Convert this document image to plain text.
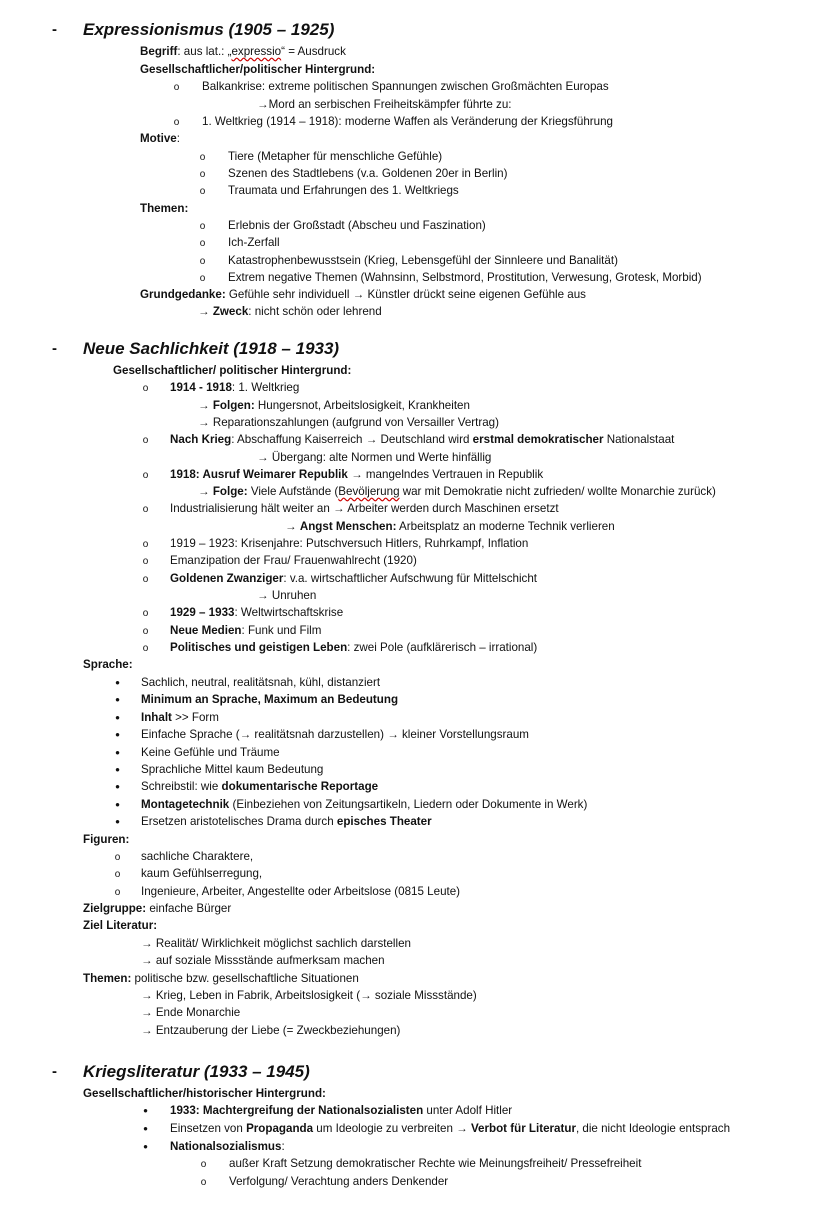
- Expressionismus (1905 – 1925)
Begriff: aus lat.: „expressio“ = Ausdruck
Gesellschaftlicher/politischer Hintergrund:
o Balkankrise: extreme politischen Spannungen zwischen Großmächten Europas
→Mord an serbischen Freiheitskämpfer führte zu:
o 1. Weltkrieg (1914 – 1918): moderne Waffen als Veränderung der Kriegsführung
Motive:
o Tiere (Metapher für menschliche Gefühle)
o Szenen des Stadtlebens (v.a. Goldenen 20er in Berlin)
o Traumata und Erfahrungen des 1. Weltkriegs
Themen:
o Erlebnis der Großstadt (Abscheu und Faszination)
o Ich-Zerfall
o Katastrophenbewusstsein (Krieg, Lebensgefühl der Sinnleere und Banalität)
o Extrem negative Themen (Wahnsinn, Selbstmord, Prostitution, Verwesung, Grotesk, Morbid)
Grundgedanke: Gefühle sehr individuell → Künstler drückt seine eigenen Gefühle aus
→ Zweck: nicht schön oder lehrend
- Neue Sachlichkeit (1918 – 1933)
Gesellschaftlicher/ politischer Hintergrund:
o 1914 - 1918: 1. Weltkrieg
→ Folgen: Hungersnot, Arbeitslosigkeit, Krankheiten
→ Reparationszahlungen (aufgrund von Versailler Vertrag)
o Nach Krieg: Abschaffung Kaiserreich → Deutschland wird erstmal demokratischer Nationalstaat
→ Übergang: alte Normen und Werte hinfällig
o 1918: Ausruf Weimarer Republik → mangelndes Vertrauen in Republik
→ Folge: Viele Aufstände (Bevöljerung war mit Demokratie nicht zufrieden/ wollte Monarchie zurück)
o Industrialisierung hält weiter an → Arbeiter werden durch Maschinen ersetzt
→ Angst Menschen: Arbeitsplatz an moderne Technik verlieren
o 1919 – 1923: Krisenjahre: Putschversuch Hitlers, Ruhrkampf, Inflation
o Emanzipation der Frau/ Frauenwahlrecht (1920)
o Goldenen Zwanziger: v.a. wirtschaftlicher Aufschwung für Mittelschicht
→ Unruhen
o 1929 – 1933: Weltwirtschaftskrise
o Neue Medien: Funk und Film
o Politisches und geistigen Leben: zwei Pole (aufklärerisch – irrational)
Sprache:
• Sachlich, neutral, realitätsnah, kühl, distanziert
• Minimum an Sprache, Maximum an Bedeutung
• Inhalt >> Form
• Einfache Sprache (→ realitätsnah darzustellen) → kleiner Vorstellungsraum
• Keine Gefühle und Träume
• Sprachliche Mittel kaum Bedeutung
• Schreibstil: wie dokumentarische Reportage
• Montagetechnik (Einbeziehen von Zeitungsartikeln, Liedern oder Dokumente in Werk)
• Ersetzen aristotelisches Drama durch episches Theater
Figuren:
o sachliche Charaktere,
o kaum Gefühlserregung,
o Ingenieure, Arbeiter, Angestellte oder Arbeitslose (0815 Leute)
Zielgruppe: einfache Bürger
Ziel Literatur:
→ Realität/ Wirklichkeit möglichst sachlich darstellen
→ auf soziale Missstände aufmerksam machen
Themen: politische bzw. gesellschaftliche Situationen
→ Krieg, Leben in Fabrik, Arbeitslosigkeit (→ soziale Missstände)
→ Ende Monarchie
→ Entzauberung der Liebe (= Zweckbeziehungen)
- Kriegsliteratur (1933 – 1945)
Gesellschaftlicher/historischer Hintergrund:
• 1933: Machtergreifung der Nationalsozialisten unter Adolf Hitler
• Einsetzen von Propaganda um Ideologie zu verbreiten → Verbot für Literatur, die nicht Ideologie entsprach
• Nationalsozialismus:
o außer Kraft Setzung demokratischer Rechte wie Meinungsfreiheit/ Pressefreiheit
o Verfolgung/ Verachtung anders Denkender
